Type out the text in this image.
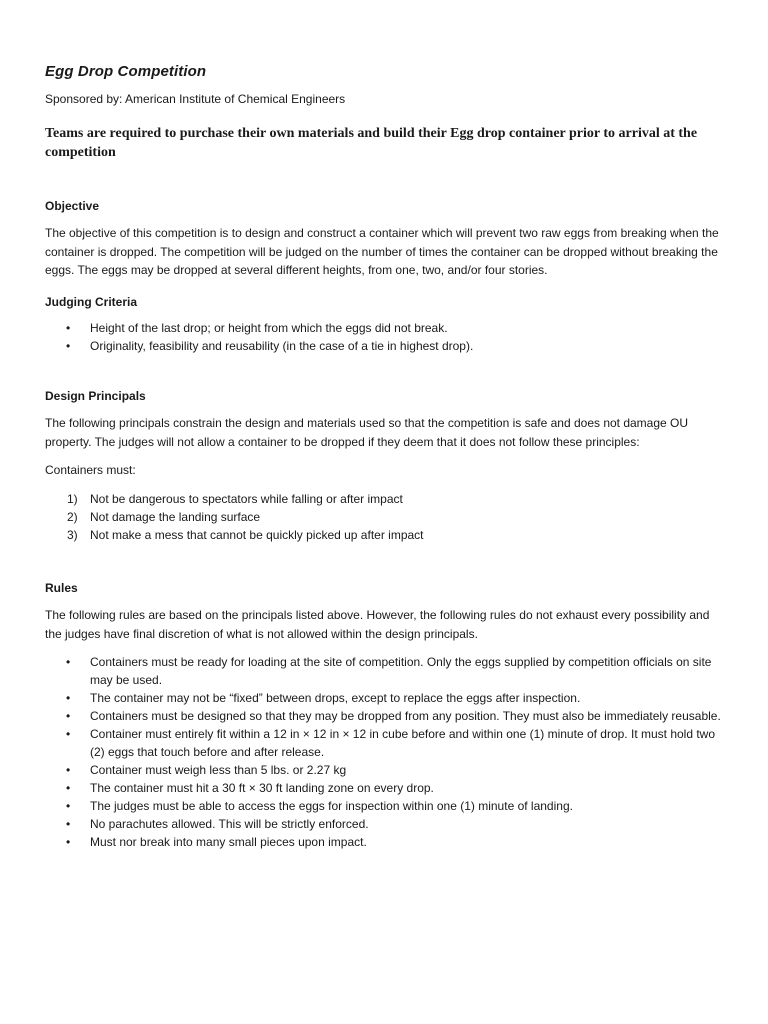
Egg Drop Competition

Sponsored by: American Institute of Chemical Engineers

Teams are required to purchase their own materials and build their Egg drop container prior to arrival at the competition

Objective

The objective of this competition is to design and construct a container which will prevent two raw eggs from breaking when the container is dropped. The competition will be judged on the number of times the container can be dropped without breaking the eggs. The eggs may be dropped at several different heights, from one, two, and/or four stories.

Judging Criteria
• Height of the last drop; or height from which the eggs did not break.
• Originality, feasibility and reusability (in the case of a tie in highest drop).
Design Principals

The following principals constrain the design and materials used so that the competition is safe and does not damage OU property. The judges will not allow a container to be dropped if they deem that it does not follow these principles:

Containers must:

1) Not be dangerous to spectators while falling or after impact
2) Not damage the landing surface
3) Not make a mess that cannot be quickly picked up after impact
Rules

The following rules are based on the principals listed above. However, the following rules do not exhaust every possibility and the judges have final discretion of what is not allowed within the design principals.

• Containers must be ready for loading at the site of competition. Only the eggs supplied by competition officials on site may be used.
• The container may not be “fixed” between drops, except to replace the eggs after inspection.
• Containers must be designed so that they may be dropped from any position. They must also be immediately reusable.
• Container must entirely fit within a 12 in × 12 in × 12 in cube before and within one (1) minute of drop. It must hold two (2) eggs that touch before and after release.
• Container must weigh less than 5 lbs. or 2.27 kg
• The container must hit a 30 ft × 30 ft landing zone on every drop.
• The judges must be able to access the eggs for inspection within one (1) minute of landing.
• No parachutes allowed. This will be strictly enforced.
• Must nor break into many small pieces upon impact.
